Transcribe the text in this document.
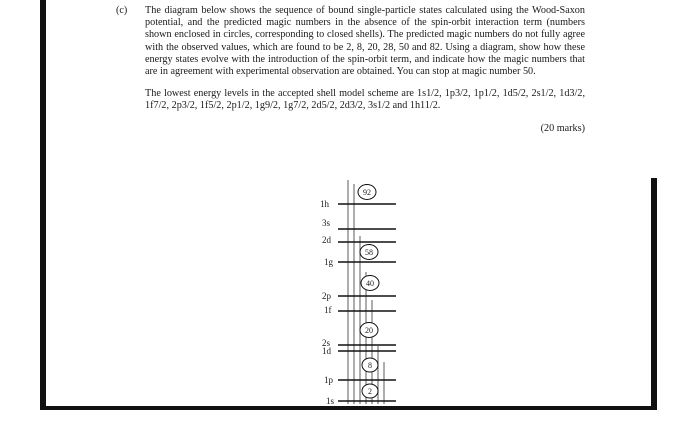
(c) The diagram below shows the sequence of bound single-particle states calculated using the Wood-Saxon potential, and the predicted magic numbers in the absence of the spin-orbit interaction term (numbers shown enclosed in circles, corresponding to closed shells). The predicted magic numbers do not fully agree with the observed values, which are found to be 2, 8, 20, 28, 50 and 82. Using a diagram, show how these energy states evolve with the introduction of the spin-orbit term, and indicate how the magic numbers that are in agreement with experimental observation are obtained. You can stop at magic number 50.

The lowest energy levels in the accepted shell model scheme are 1s1/2, 1p3/2, 1p1/2, 1d5/2, 2s1/2, 1d3/2, 1f7/2, 2p3/2, 1f5/2, 2p1/2, 1g9/2, 1g7/2, 2d5/2, 2d3/2, 3s1/2 and 1h11/2.

(20 marks)

1h
3s
2d
1g
2p
1f
2s
1d
1p
1s
92
58
40
20
8
2
